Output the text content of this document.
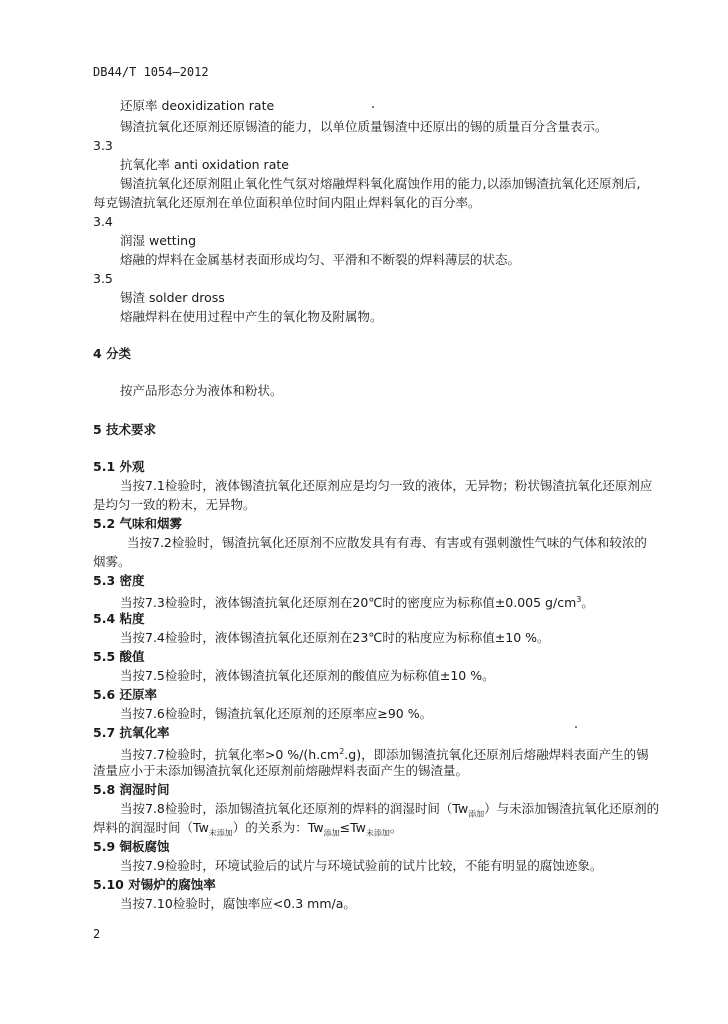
DB44/T 1054—2012
还原率 deoxidization rate
锡渣抗氧化还原剂还原锡渣的能力，以单位质量锡渣中还原出的锡的质量百分含量表示。
3.3
抗氧化率 anti oxidation rate
锡渣抗氧化还原剂阻止氧化性气氛对熔融焊料氧化腐蚀作用的能力,以添加锡渣抗氧化还原剂后,
每克锡渣抗氧化还原剂在单位面积单位时间内阻止焊料氧化的百分率。
3.4
润湿 wetting
熔融的焊料在金属基材表面形成均匀、平滑和不断裂的焊料薄层的状态。
3.5
锡渣 solder dross
熔融焊料在使用过程中产生的氧化物及附属物。
4 分类
按产品形态分为液体和粉状。
5 技术要求
5.1 外观
当按7.1检验时，液体锡渣抗氧化还原剂应是均匀一致的液体，无异物；粉状锡渣抗氧化还原剂应
是均匀一致的粉末，无异物。
5.2 气味和烟雾
当按7.2检验时，锡渣抗氧化还原剂不应散发具有有毒、有害或有强刺激性气味的气体和较浓的
烟雾。
5.3 密度
当按7.3检验时，液体锡渣抗氧化还原剂在20℃时的密度应为标称值±0.005 $g/cm^3$。
5.4 粘度
当按7.4检验时，液体锡渣抗氧化还原剂在23℃时的粘度应为标称值±10 %。
5.5 酸值
当按7.5检验时，液体锡渣抗氧化还原剂的酸值应为标称值±10 %。
5.6 还原率
当按7.6检验时，锡渣抗氧化还原剂的还原率应≥90 %。
5.7 抗氧化率
当按7.7检验时，抗氧化率>0 $\%/(h.cm^2.g)$，即添加锡渣抗氧化还原剂后熔融焊料表面产生的锡
渣量应小于未添加锡渣抗氧化还原剂前熔融焊料表面产生的锡渣量。
5.8 润湿时间
当按7.8检验时，添加锡渣抗氧化还原剂的焊料的润湿时间$(Tw_{添加})$与未添加锡渣抗氧化还原剂的
焊料的润湿时间$(Tw_{未添加})$的关系为：$Tw_{添加}\le Tw_{未添加}$。
5.9 铜板腐蚀
当按7.9检验时，环境试验后的试片与环境试验前的试片比较，不能有明显的腐蚀迹象。
5.10 对锡炉的腐蚀率
当按7.10检验时，腐蚀率应<0.3 mm/a。
2
